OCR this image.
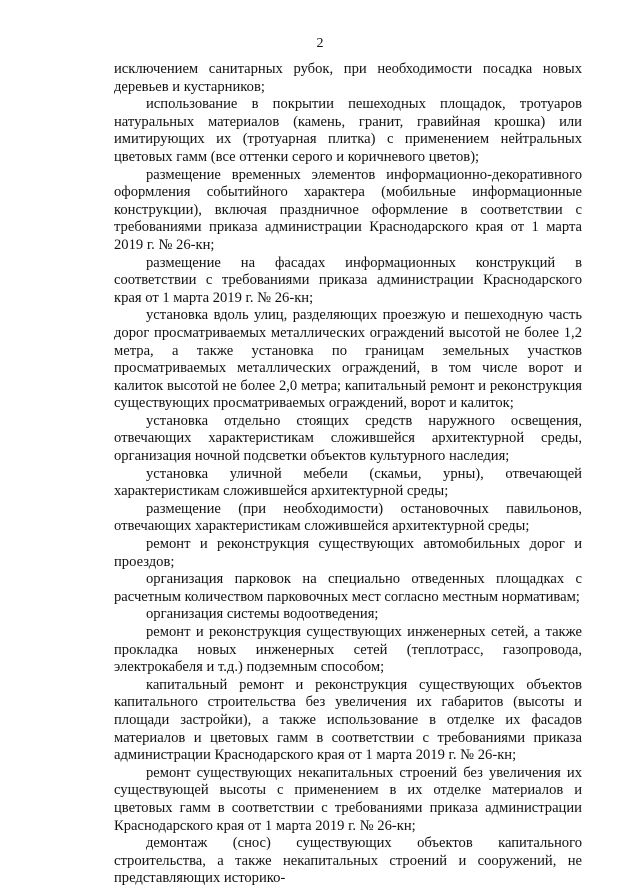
2

исключением санитарных рубок, при необходимости посадка новых деревьев и кустарников;

использование в покрытии пешеходных площадок, тротуаров натуральных материалов (камень, гранит, гравийная крошка) или имитирующих их (тротуарная плитка) с применением нейтральных цветовых гамм (все оттенки серого и коричневого цветов);

размещение временных элементов информационно-декоративного оформления событийного характера (мобильные информационные конструкции), включая праздничное оформление в соответствии с требованиями приказа администрации Краснодарского края от 1 марта 2019 г. № 26-кн;

размещение на фасадах информационных конструкций в соответствии с требованиями приказа администрации Краснодарского края от 1 марта 2019 г. № 26-кн;

установка вдоль улиц, разделяющих проезжую и пешеходную часть дорог просматриваемых металлических ограждений высотой не более 1,2 метра, а также установка по границам земельных участков просматриваемых металлических ограждений, в том числе ворот и калиток высотой не более 2,0 метра; капитальный ремонт и реконструкция существующих просматриваемых ограждений, ворот и калиток;

установка отдельно стоящих средств наружного освещения, отвечающих характеристикам сложившейся архитектурной среды, организация ночной подсветки объектов культурного наследия;

установка уличной мебели (скамьи, урны), отвечающей характеристикам сложившейся архитектурной среды;

размещение (при необходимости) остановочных павильонов, отвечающих характеристикам сложившейся архитектурной среды;

ремонт и реконструкция существующих автомобильных дорог и проездов;

организация парковок на специально отведенных площадках с расчетным количеством парковочных мест согласно местным нормативам;

организация системы водоотведения;

ремонт и реконструкция существующих инженерных сетей, а также прокладка новых инженерных сетей (теплотрасс, газопровода, электрокабеля и т.д.) подземным способом;

капитальный ремонт и реконструкция существующих объектов капитального строительства без увеличения их габаритов (высоты и площади застройки), а также использование в отделке их фасадов материалов и цветовых гамм в соответствии с требованиями приказа администрации Краснодарского края от 1 марта 2019 г. № 26-кн;

ремонт существующих некапитальных строений без увеличения их существующей высоты с применением в их отделке материалов и цветовых гамм в соответствии с требованиями приказа администрации Краснодарского края от 1 марта 2019 г. № 26-кн;

демонтаж (снос) существующих объектов капитального строительства, а также некапитальных строений и сооружений, не представляющих историко-
